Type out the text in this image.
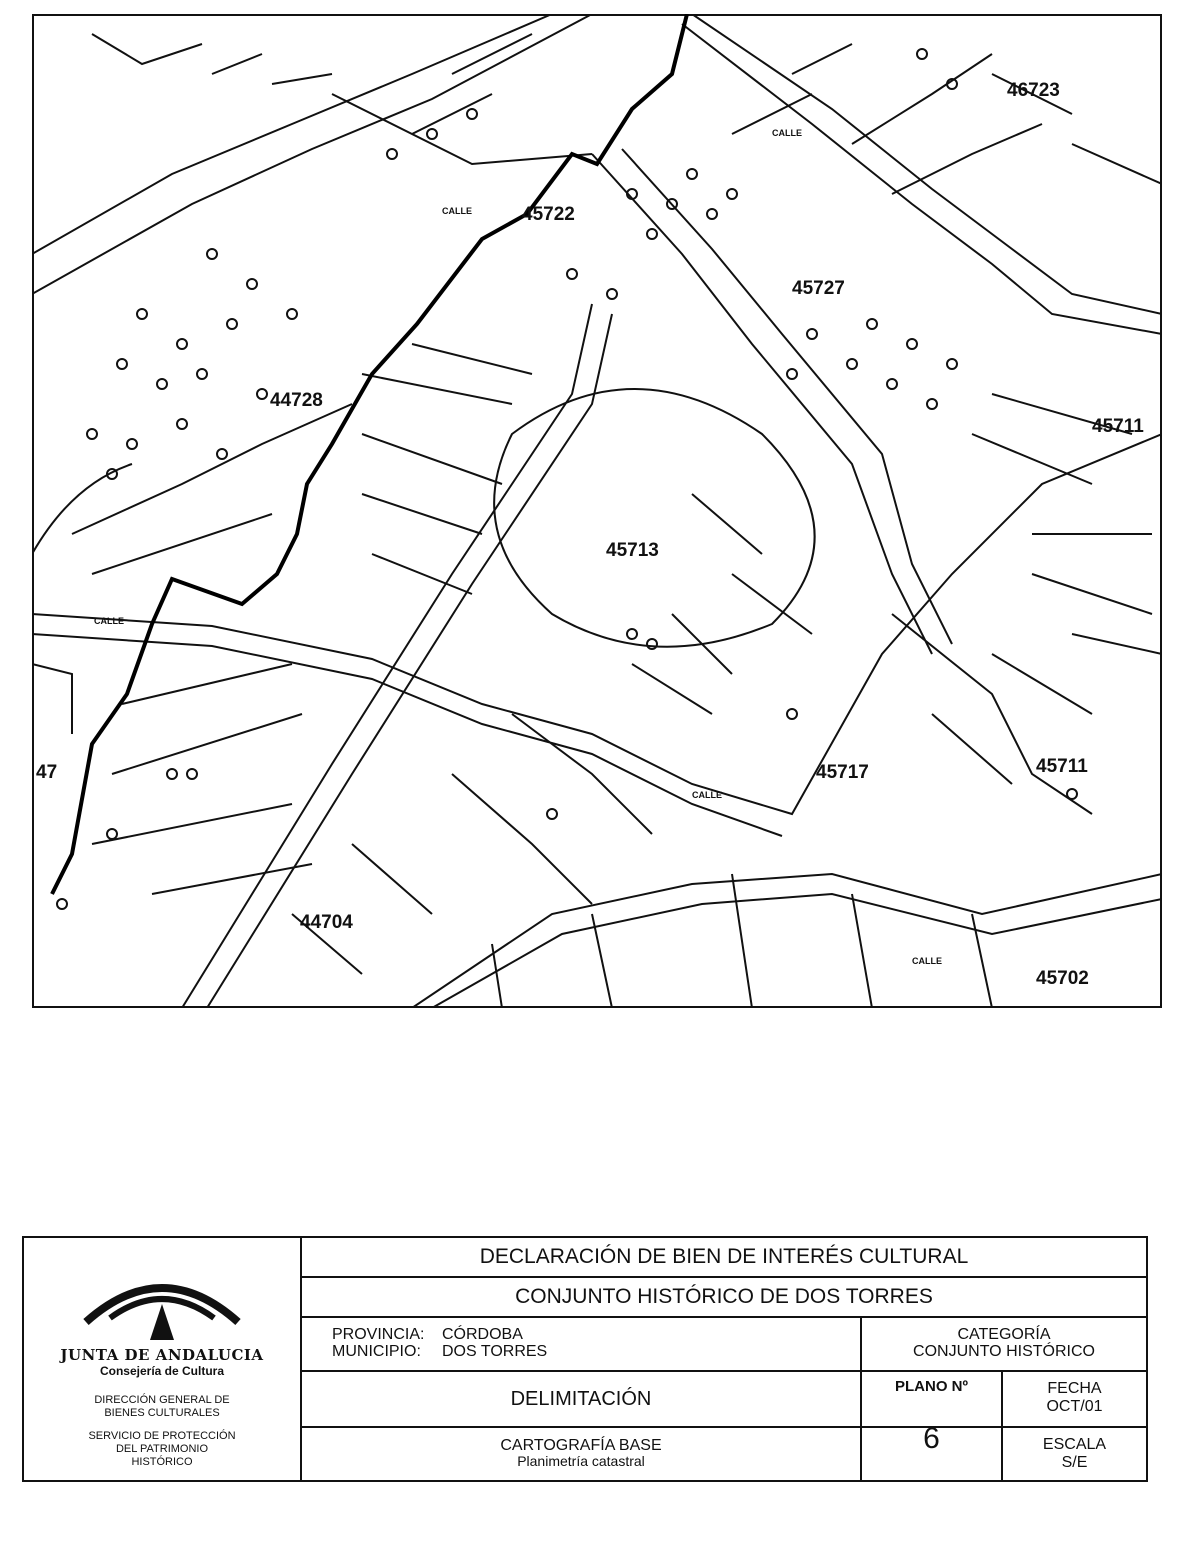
46723
45722
45727
44728
45713
45711
47	45717	45711
44704
45702
CALLE
CALLE
CALLE
CALLE
CALLE
JUNTA DE ANDALUCIA
Consejería de Cultura
DIRECCIÓN GENERAL DE
BIENES CULTURALES
SERVICIO DE PROTECCIÓN
DEL PATRIMONIO
HISTÓRICO
DECLARACIÓN DE BIEN DE INTERÉS CULTURAL
CONJUNTO HISTÓRICO DE DOS TORRES
PROVINCIA:
MUNICIPIO:
CÓRDOBA
DOS TORRES
CATEGORÍA
CONJUNTO HISTÓRICO
DELIMITACIÓN
PLANO Nº
6
FECHA
OCT/01
CARTOGRAFÍA BASE
Planimetría catastral
ESCALA
S/E
